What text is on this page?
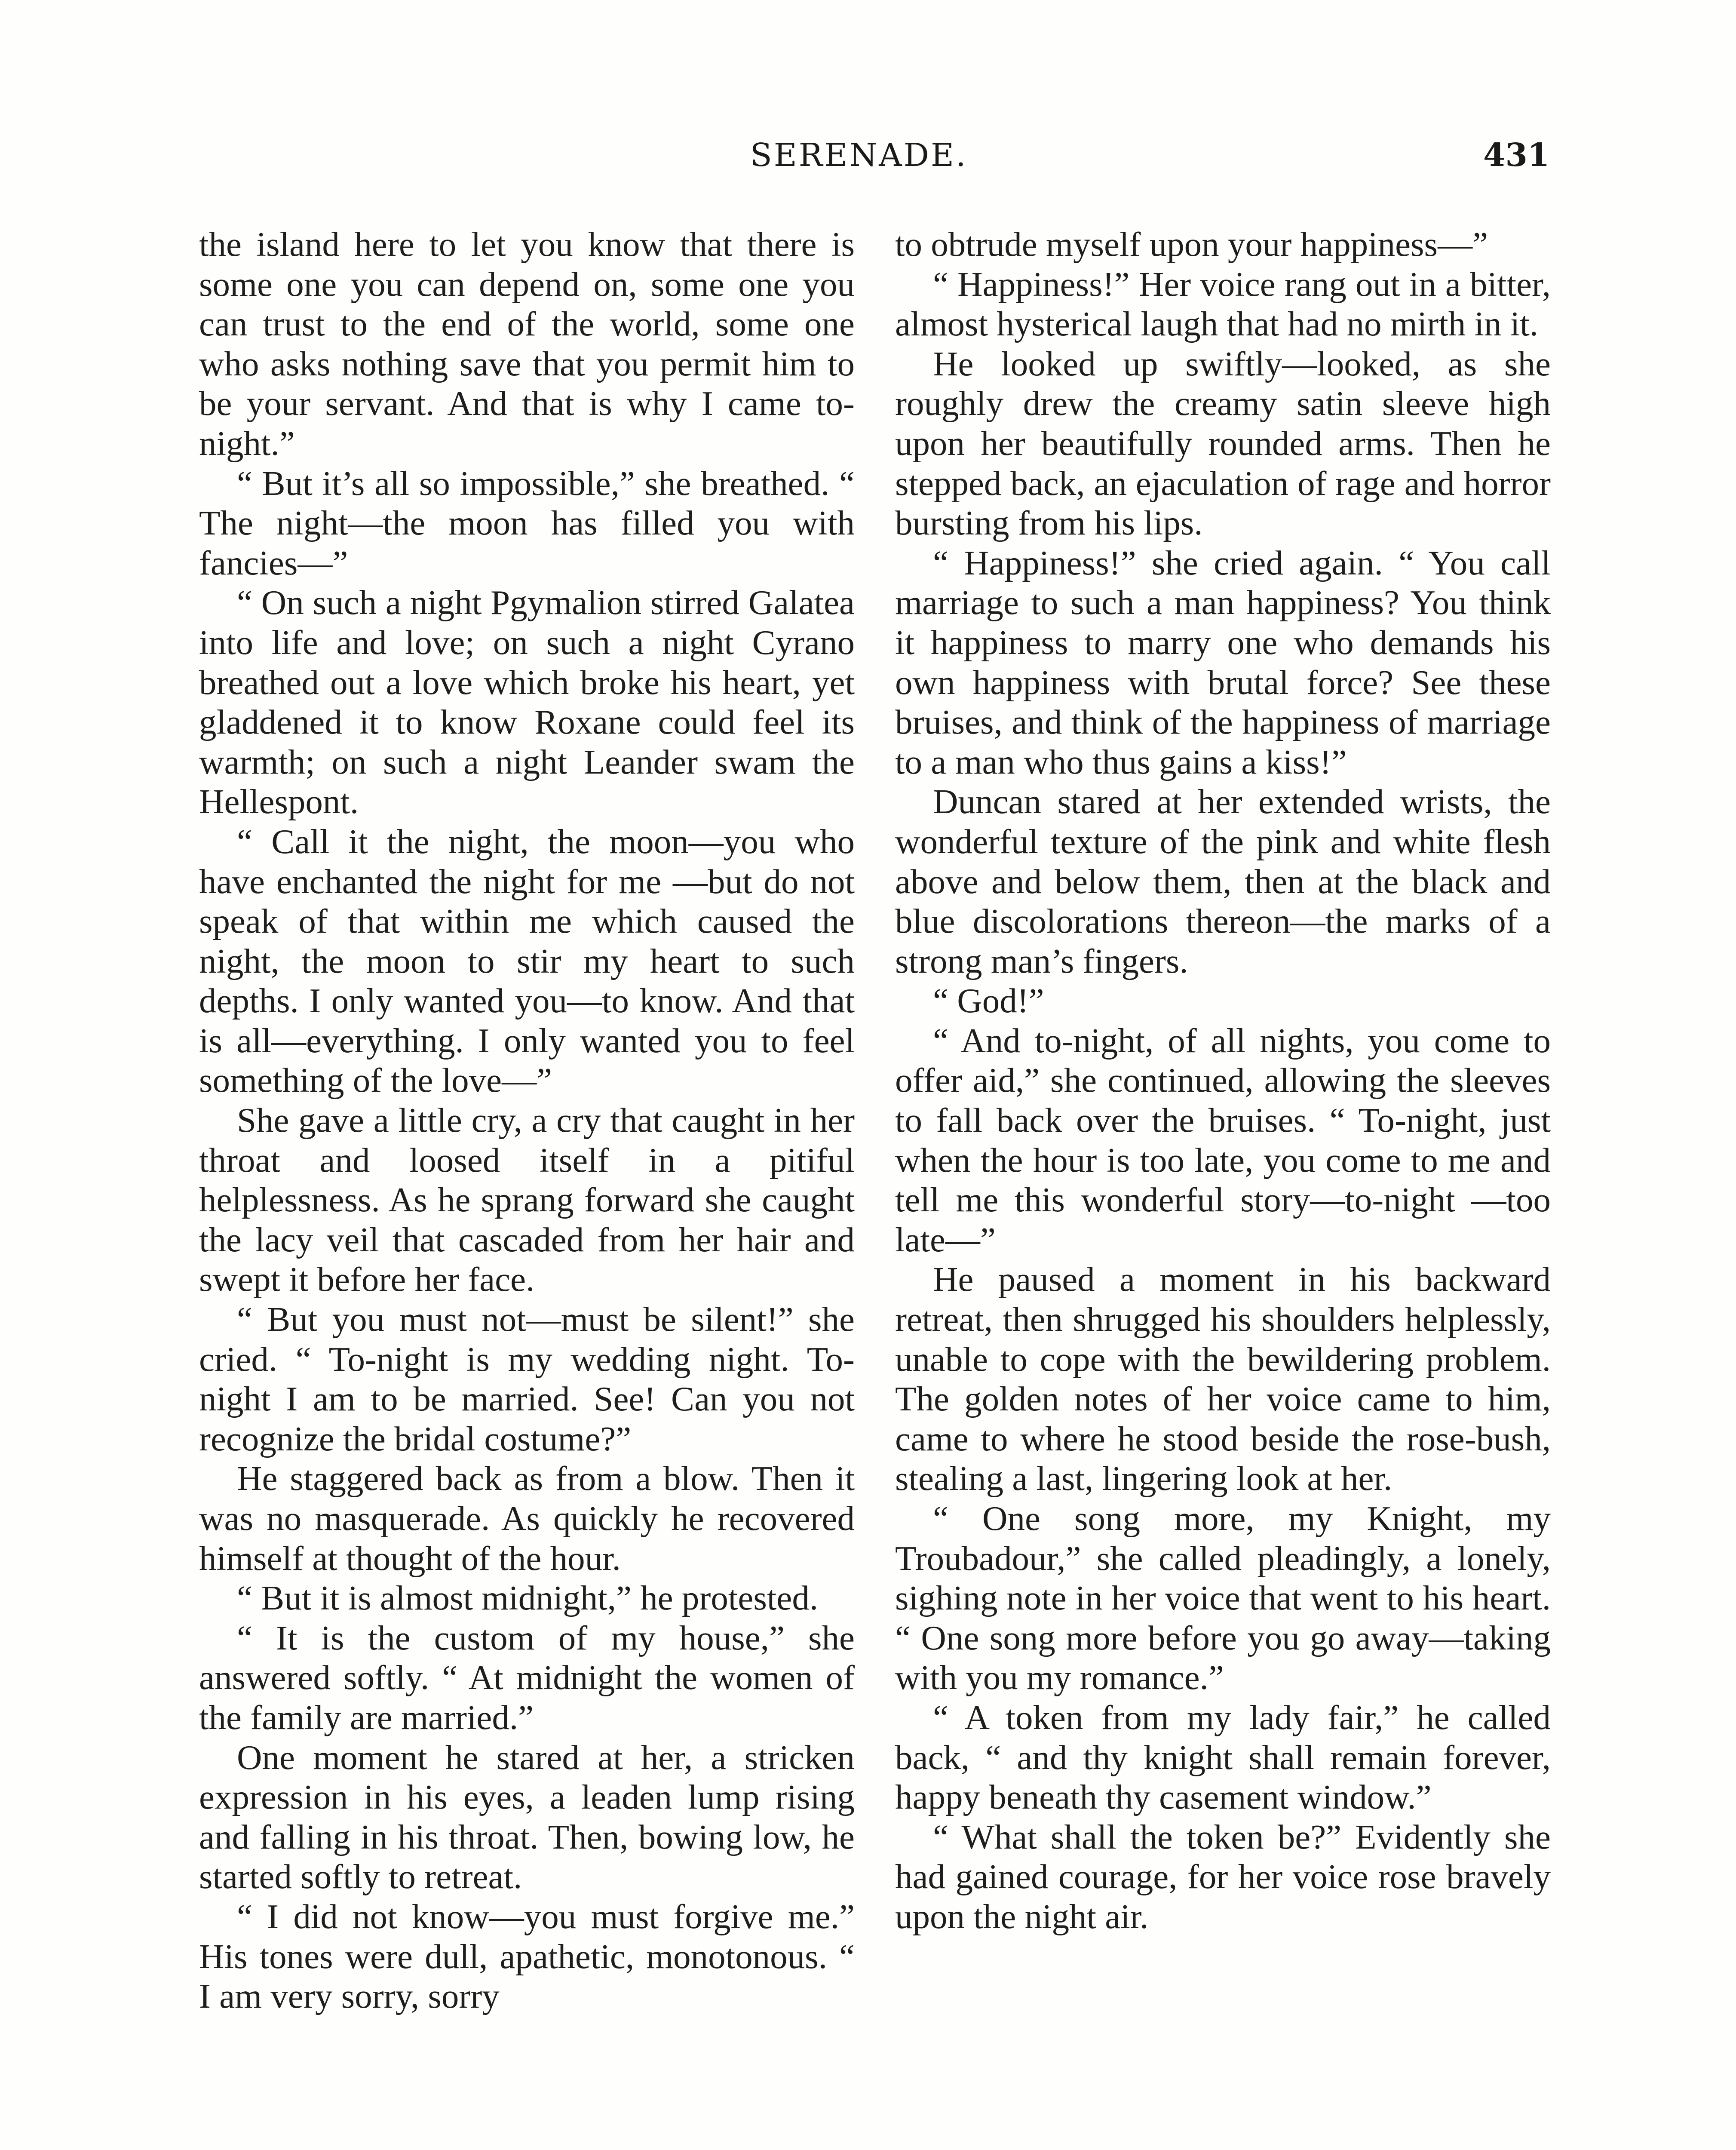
SERENADE.	431

the island here to let you know that there is some one you can depend on, some one you can trust to the end of the world, some one who asks nothing save that you permit him to be your servant. And that is why I came to-night.”

“ But it’s all so impossible,” she breathed. “ The night—the moon has filled you with fancies—”

“ On such a night Pgymalion stirred Galatea into life and love; on such a night Cyrano breathed out a love which broke his heart, yet gladdened it to know Roxane could feel its warmth; on such a night Leander swam the Hellespont.

“ Call it the night, the moon—you who have enchanted the night for me —but do not speak of that within me which caused the night, the moon to stir my heart to such depths. I only wanted you—to know. And that is all—everything. I only wanted you to feel something of the love—”

She gave a little cry, a cry that caught in her throat and loosed itself in a pitiful helplessness. As he sprang forward she caught the lacy veil that cascaded from her hair and swept it before her face.

“ But you must not—must be silent!” she cried. “ To-night is my wedding night. To-night I am to be married. See! Can you not recognize the bridal costume?”

He staggered back as from a blow. Then it was no masquerade. As quickly he recovered himself at thought of the hour.

“ But it is almost midnight,” he protested.

“ It is the custom of my house,” she answered softly. “ At midnight the women of the family are married.”

One moment he stared at her, a stricken expression in his eyes, a leaden lump rising and falling in his throat. Then, bowing low, he started softly to retreat.

“ I did not know—you must forgive me.” His tones were dull, apathetic, monotonous. “ I am very sorry, sorry

to obtrude myself upon your happiness—”

“ Happiness!” Her voice rang out in a bitter, almost hysterical laugh that had no mirth in it.

He looked up swiftly—looked, as she roughly drew the creamy satin sleeve high upon her beautifully rounded arms. Then he stepped back, an ejaculation of rage and horror bursting from his lips.

“ Happiness!” she cried again. “ You call marriage to such a man happiness? You think it happiness to marry one who demands his own happiness with brutal force? See these bruises, and think of the happiness of marriage to a man who thus gains a kiss!”

Duncan stared at her extended wrists, the wonderful texture of the pink and white flesh above and below them, then at the black and blue discolorations thereon—the marks of a strong man’s fingers.

“ God!”

“ And to-night, of all nights, you come to offer aid,” she continued, allowing the sleeves to fall back over the bruises. “ To-night, just when the hour is too late, you come to me and tell me this wonderful story—to-night —too late—”

He paused a moment in his backward retreat, then shrugged his shoulders helplessly, unable to cope with the bewildering problem. The golden notes of her voice came to him, came to where he stood beside the rose-bush, stealing a last, lingering look at her.

“ One song more, my Knight, my Troubadour,” she called pleadingly, a lonely, sighing note in her voice that went to his heart. “ One song more before you go away—taking with you my romance.”

“ A token from my lady fair,” he called back, “ and thy knight shall remain forever, happy beneath thy casement window.”

“ What shall the token be?” Evidently she had gained courage, for her voice rose bravely upon the night air.
